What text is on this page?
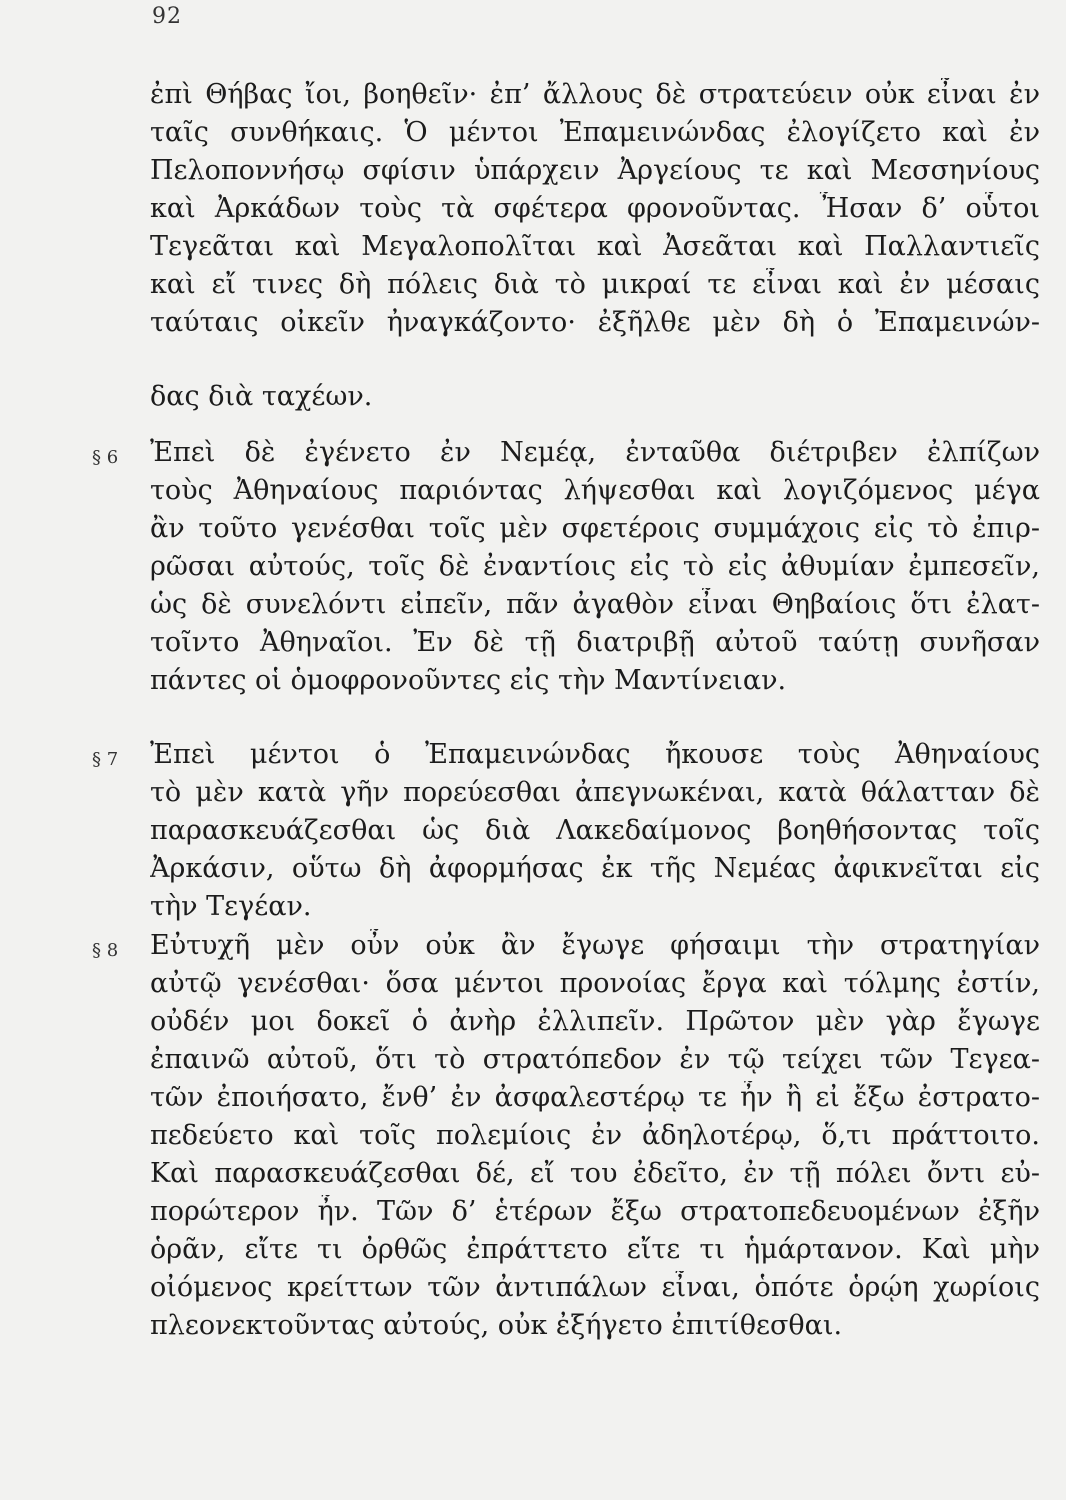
92
§ 6
§ 7
§ 8
ἐπὶ Θήβας ἴοι, βοηθεῖν· ἐπ’ ἄλλους δὲ στρατεύειν οὐκ εἶναι ἐν
ταῖς συνθήκαις. Ὁ μέντοι Ἐπαμεινώνδας ἐλογίζετο καὶ ἐν
Πελοποννήσῳ σφίσιν ὑπάρχειν Ἀργείους τε καὶ Μεσσηνίους
καὶ Ἀρκάδων τοὺς τὰ σφέτερα φρονοῦντας. Ἦσαν δ’ οὗτοι
Τεγεᾶται καὶ Μεγαλοπολῖται καὶ Ἀσεᾶται καὶ Παλλαντιεῖς
καὶ εἴ τινες δὴ πόλεις διὰ τὸ μικραί τε εἶναι καὶ ἐν μέσαις
ταύταις οἰκεῖν ἠναγκάζοντο· ἐξῆλθε μὲν δὴ ὁ Ἐπαμεινών-
δας διὰ ταχέων.
Ἐπεὶ δὲ ἐγένετο ἐν Νεμέᾳ, ἐνταῦθα διέτριβεν ἐλπίζων
τοὺς Ἀθηναίους παριόντας λήψεσθαι καὶ λογιζόμενος μέγα
ἂν τοῦτο γενέσθαι τοῖς μὲν σφετέροις συμμάχοις εἰς τὸ ἐπιρ-
ρῶσαι αὐτούς, τοῖς δὲ ἐναντίοις εἰς τὸ εἰς ἀθυμίαν ἐμπεσεῖν,
ὡς δὲ συνελόντι εἰπεῖν, πᾶν ἀγαθὸν εἶναι Θηβαίοις ὅτι ἐλατ-
τοῖντο Ἀθηναῖοι. Ἐν δὲ τῇ διατριβῇ αὐτοῦ ταύτῃ συνῆσαν
πάντες οἱ ὁμοφρονοῦντες εἰς τὴν Μαντίνειαν.
Ἐπεὶ μέντοι ὁ Ἐπαμεινώνδας ἤκουσε τοὺς Ἀθηναίους
τὸ μὲν κατὰ γῆν πορεύεσθαι ἀπεγνωκέναι, κατὰ θάλατταν δὲ
παρασκευάζεσθαι ὡς διὰ Λακεδαίμονος βοηθήσοντας τοῖς
Ἀρκάσιν, οὕτω δὴ ἀφορμήσας ἐκ τῆς Νεμέας ἀφικνεῖται εἰς
τὴν Τεγέαν.
Εὐτυχῆ μὲν οὖν οὐκ ἂν ἔγωγε φήσαιμι τὴν στρατηγίαν
αὐτῷ γενέσθαι· ὅσα μέντοι προνοίας ἔργα καὶ τόλμης ἐστίν,
οὐδέν μοι δοκεῖ ὁ ἀνὴρ ἐλλιπεῖν. Πρῶτον μὲν γὰρ ἔγωγε
ἐπαινῶ αὐτοῦ, ὅτι τὸ στρατόπεδον ἐν τῷ τείχει τῶν Τεγεα-
τῶν ἐποιήσατο, ἔνθ’ ἐν ἀσφαλεστέρῳ τε ἦν ἢ εἰ ἔξω ἐστρατο-
πεδεύετο καὶ τοῖς πολεμίοις ἐν ἀδηλοτέρῳ, ὅ,τι πράττοιτο.
Καὶ παρασκευάζεσθαι δέ, εἴ του ἐδεῖτο, ἐν τῇ πόλει ὄντι εὐ-
πορώτερον ἦν. Τῶν δ’ ἑτέρων ἔξω στρατοπεδευομένων ἐξῆν
ὁρᾶν, εἴτε τι ὀρθῶς ἐπράττετο εἴτε τι ἡμάρτανον. Καὶ μὴν
οἰόμενος κρείττων τῶν ἀντιπάλων εἶναι, ὁπότε ὁρῴη χωρίοις
πλεονεκτοῦντας αὐτούς, οὐκ ἐξήγετο ἐπιτίθεσθαι.
